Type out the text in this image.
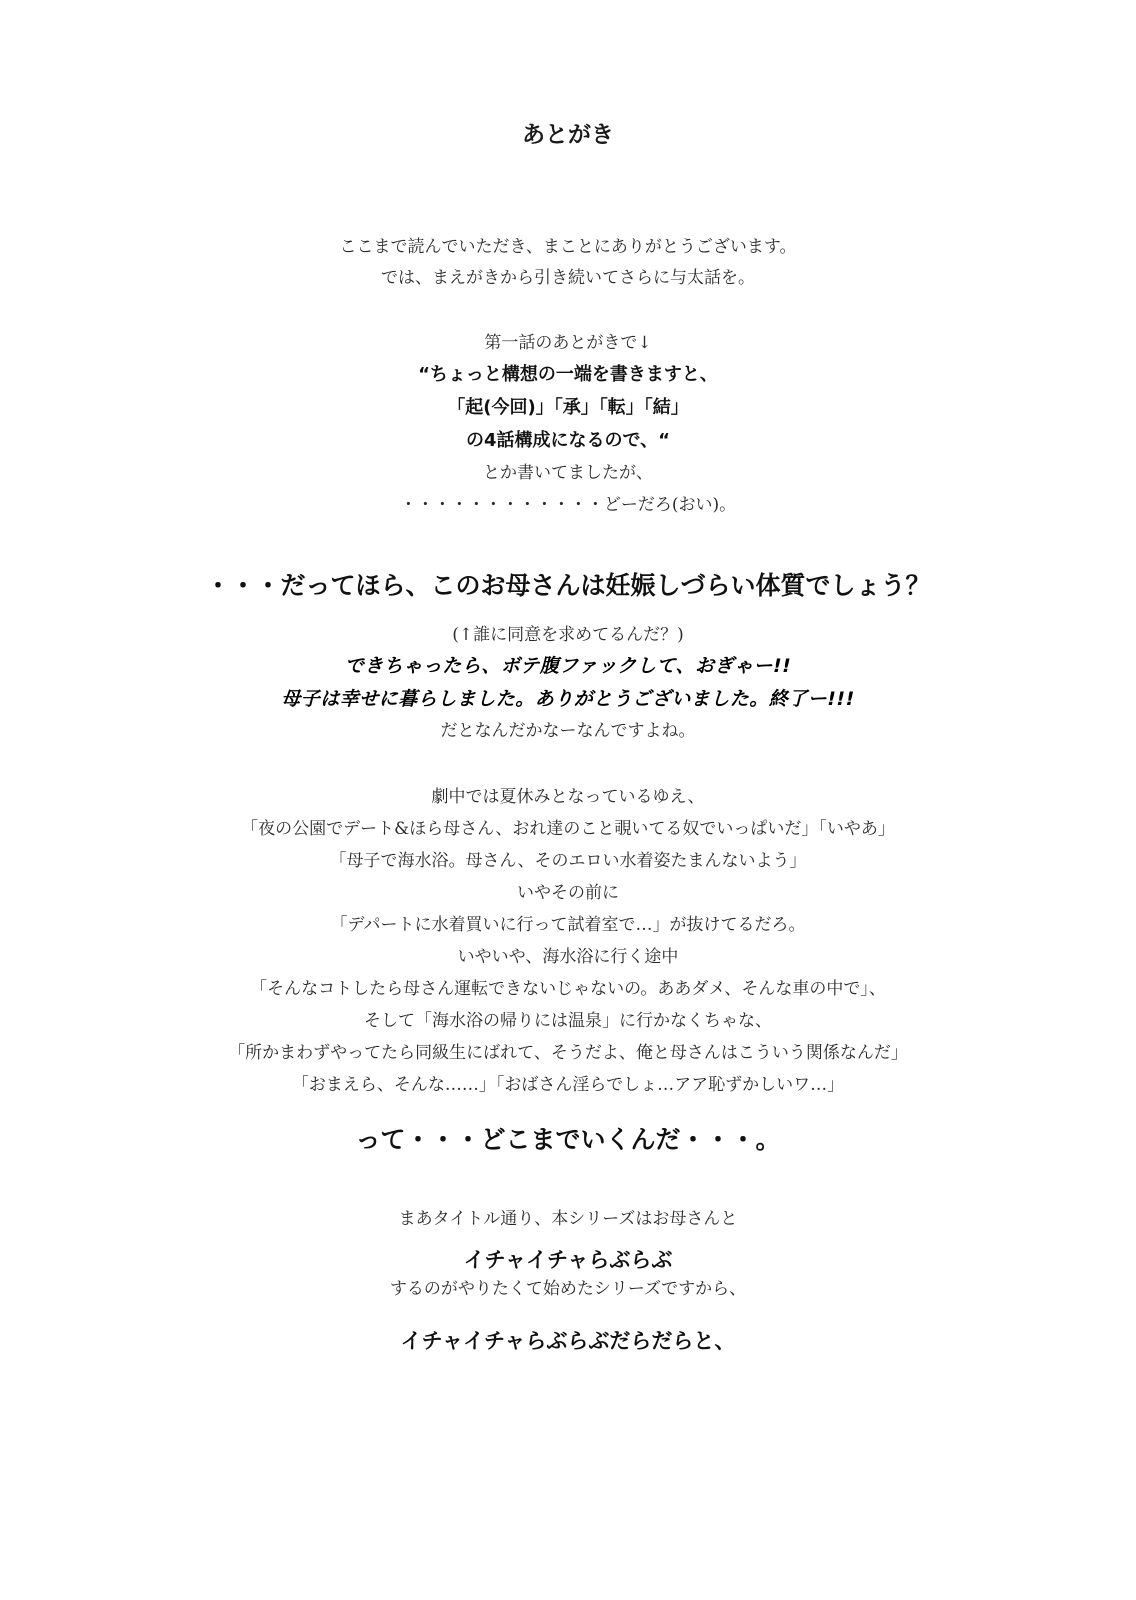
あとがき
ここまで読んでいただき、まことにありがとうございます。
では、まえがきから引き続いてさらに与太話を。
第一話のあとがきで↓
“ちょっと構想の一端を書きますと、
「起(今回)」「承」「転」「結」
の4話構成になるので、“
とか書いてましたが、
・・・・・・・・・・・・どーだろ(おい)。
・・・だってほら、このお母さんは妊娠しづらい体質でしょう？
(↑誰に同意を求めてるんだ？)
できちゃったら、ボテ腹ファックして、おぎゃー!!
母子は幸せに暮らしました。ありがとうございました。終了ー!!!
だとなんだかなーなんですよね。
劇中では夏休みとなっているゆえ、
「夜の公園でデート&ほら母さん、おれ達のこと覗いてる奴でいっぱいだ」「いやあ」
「母子で海水浴。母さん、そのエロい水着姿たまんないよう」
いやその前に
「デパートに水着買いに行って試着室で…」が抜けてるだろ。
いやいや、海水浴に行く途中
「そんなコトしたら母さん運転できないじゃないの。ああダメ、そんな車の中で」、
そして「海水浴の帰りには温泉」に行かなくちゃな、
「所かまわずやってたら同級生にばれて、そうだよ、俺と母さんはこういう関係なんだ」
「おまえら、そんな……」「おばさん淫らでしょ…アア恥ずかしいワ…」
って・・・どこまでいくんだ・・・。
まあタイトル通り、本シリーズはお母さんと
イチャイチャらぶらぶ
するのがやりたくて始めたシリーズですから、
イチャイチャらぶらぶだらだらと、
